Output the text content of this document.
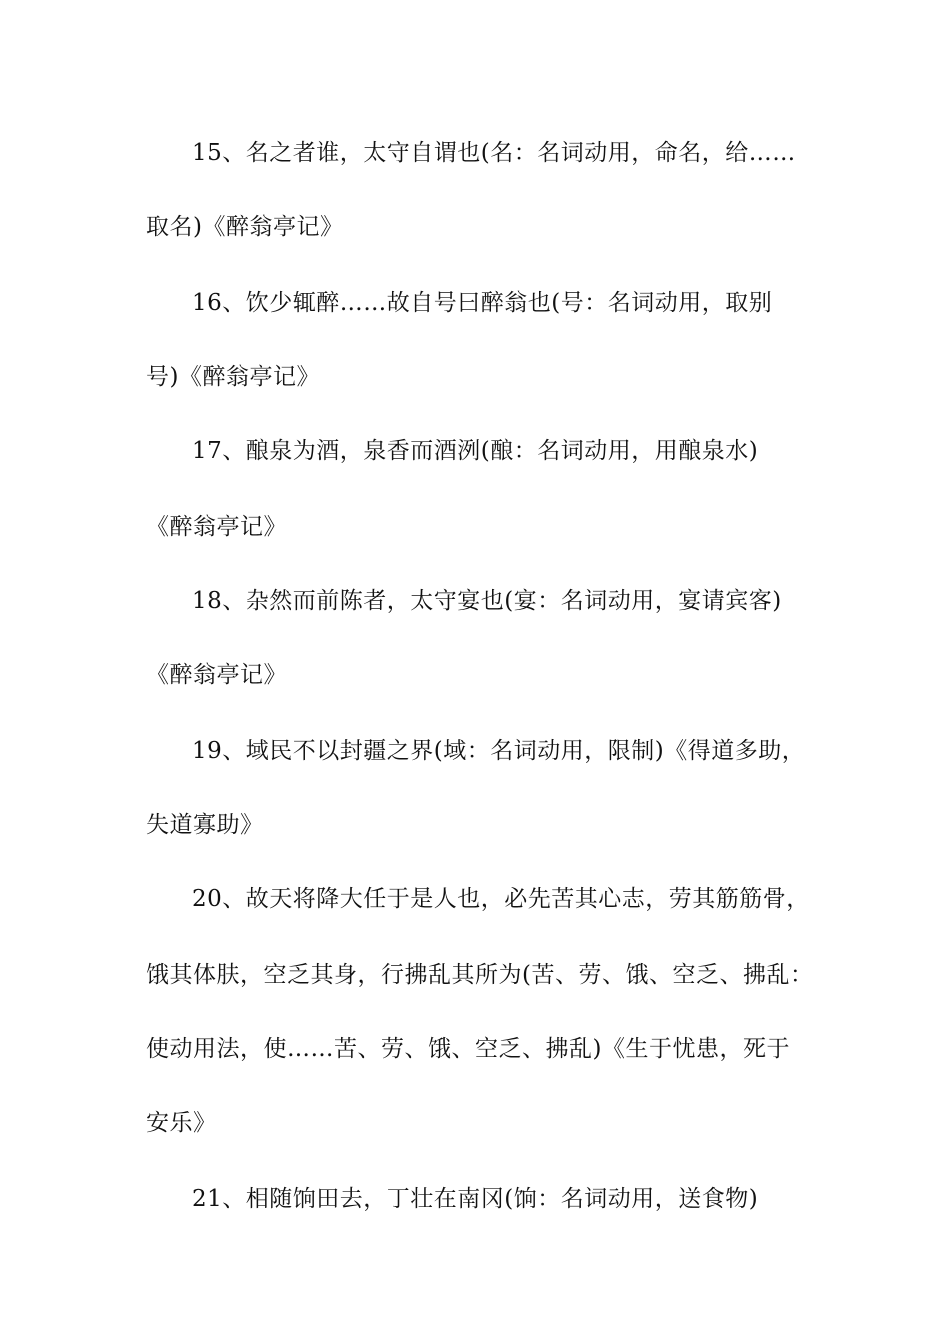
15、名之者谁，太守自谓也(名：名词动用，命名，给……
取名)《醉翁亭记》
16、饮少辄醉……故自号曰醉翁也(号：名词动用，取别
号)《醉翁亭记》
17、酿泉为酒，泉香而酒洌(酿：名词动用，用酿泉水)
《醉翁亭记》
18、杂然而前陈者，太守宴也(宴：名词动用，宴请宾客)
《醉翁亭记》
19、域民不以封疆之界(域：名词动用，限制)《得道多助，
失道寡助》
20、故天将降大任于是人也，必先苦其心志，劳其筋筋骨，
饿其体肤，空乏其身，行拂乱其所为(苦、劳、饿、空乏、拂乱：
使动用法，使……苦、劳、饿、空乏、拂乱)《生于忧患，死于
安乐》
21、相随饷田去，丁壮在南冈(饷：名词动用，送食物)
